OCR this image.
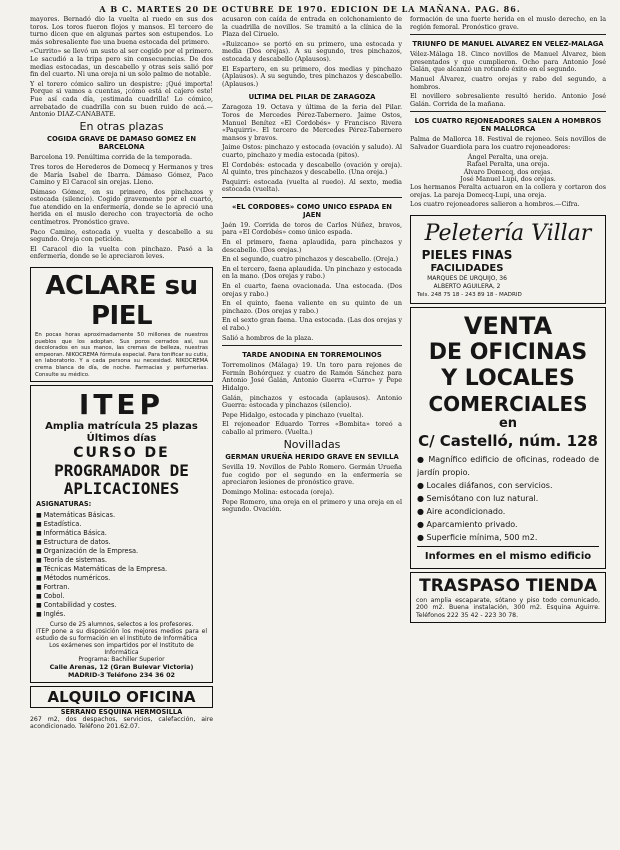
A B C. MARTES 20 DE OCTUBRE DE 1970. EDICION DE LA MAÑANA. PAG. 86.

mayores. Bernadó dio la vuelta al ruedo en sus dos toros. Los toros fueron flojos y mansos. El tercero de turno dicen que en algunas partes son estupendos. Lo más sobresaliente fue una buena estocada del primero.

«Currito» se llevó un susto al ser cogido por el primero. Le sacudió a la tripa pero sin consecuencias. De dos medias estocadas, un descabello y otras seis salió por fin del cuarto. Ni una oreja ni un solo palmo de notable.

Y el torero cómico saliro un despistre: ¡Qué importa! Porque si vamos a cuentas, ¡cómo está el cajero este! Fue así cada día, ¡estimada cuadrilla! Lo cómico, arrebatado de cuadrilla con su buen ruido de acá.—Antonio DIAZ-CANABATE.

En otras plazas
COGIDA GRAVE DE DAMASO GOMEZ EN BARCELONA

Barcelona 19. Penúltima corrida de la temporada.

Tres toros de Herederos de Domecq y Hermanos y tres de María Isabel de Ibarra. Dámaso Gómez, Paco Camino y El Caracol sin orejas. Lleno.

Dámaso Gómez, en su primero, dos pinchazos y estocada (silencio). Cogido gravemente por el cuarto, fue atendido en la enfermería, donde se le apreció una herida en el muslo derecho con trayectoria de ocho centímetros. Pronóstico grave.

Paco Camino, estocada y vuelta y descabello a su segundo. Oreja con petición.

El Caracol dio la vuelta con pinchazo. Pasó a la enfermería, donde se le apreciaron leves.

ACLARE su PIEL
En pocas horas aproximadamente 50 millones de nuestros pueblos que los adoptan. Sus poros cerrados así, sus decolorados en sus manos, las cremas de belleza, nuestras empeoran. NIKOCREMA fórmula especial. Para tonificar su cutis, en laboratorio. Y a cada persona su necesidad. NIKOCREMA crema blanca de día, de noche. Farmacias y perfumerías. Consulte su médico.
ITEP
Amplia matrícula 25 plazas Últimos días
CURSO DE
PROGRAMADOR DE APLICACIONES
ASIGNATURAS:
■ Matemáticas Básicas.
■ Estadística.
■ Informática Básica.
■ Estructura de datos.
■ Organización de la Empresa.
■ Teoría de sistemas.
■ Técnicas Matemáticas de la Empresa.
■ Métodos numéricos.
■ Fortran.
■ Cobol.
■ Contabilidad y costes.
■ Inglés.
Curso de 25 alumnos, selectos a los profesores.
ITEP pone a su disposición los mejores medios para el estudio de su formación en el Instituto de Informática
Los exámenes son impartidos por el Instituto de Informática
Programa: Bachiller Superior
Calle Arenas, 12 (Gran Bulevar Victoria)
MADRID-3 Teléfono 234 36 02
ALQUILO OFICINA
SERRANO ESQUINA HERMOSILLA
267 m2, dos despachos, servicios, calefacción, aire acondicionado. Teléfono 201.62.07.

acusaron con caída de entrada en colchonamiento de la cuadrilla de novillos. Se tramitó a la clínica de la Plaza del Ciruelo.

«Ruizcano» se portó en su primero, una estocada y media (Dos orejas). A su segundo, tres pinchazos, estocada y descabello (Aplausos).

El Espartero, en su primero, dos medias y pinchazo (Aplausos). A su segundo, tres pinchazos y descabello. (Aplausos.)

ULTIMA DEL PILAR DE ZARAGOZA

Zaragoza 19. Octava y última de la feria del Pilar. Toros de Mercedes Pérez-Tabernero. Jaime Ostos, Manuel Benítez «El Cordobés» y Francisco Rivera «Paquirri». El tercero de Mercedes Pérez-Tabernero mansos y bravos.

Jaime Ostos: pinchazo y estocada (ovación y saludo). Al cuarto, pinchazo y media estocada (pitos).

El Cordobés: estocada y descabello (ovación y oreja). Al quinto, tres pinchazos y descabello. (Una oreja.)

Paquirri: estocada (vuelta al ruedo). Al sexto, media estocada (vuelta).

«EL CORDOBES» COMO UNICO ESPADA EN JAEN

Jaén 19. Corrida de toros de Carlos Núñez, bravos, para «El Cordobés» como único espada.

En el primero, faena aplaudida, para pinchazos y descabello. (Dos orejas.)

En el segundo, cuatro pinchazos y descabello. (Oreja.)

En el tercero, faena aplaudida. Un pinchazo y estocada en la mano. (Dos orejas y rabo.)

En el cuarto, faena ovacionada. Una estocada. (Dos orejas y rabo.)

En el quinto, faena valiente en su quinto de un pinchazo. (Dos orejas y rabo.)

En el sexto gran faena. Una estocada. (Las dos orejas y el rabo.)

Salió a hombros de la plaza.

TARDE ANODINA EN TORREMOLINOS

Torremolinos (Málaga) 19. Un toro para rejones de Fermín Bohórquez y cuatro de Ramón Sánchez para Antonio José Galán, Antonio Guerra «Curro» y Pepe Hidalgo.

Galán, pinchazos y estocada (aplausos). Antonio Guerra: estocada y pinchazos (silencio).

Pepe Hidalgo, estocada y pinchazo (vuelta).

El rejoneador Eduardo Torres «Bombita» toreó a caballo al primero. (Vuelta.)

Novilladas
GERMAN URUEÑA HERIDO GRAVE EN SEVILLA

Sevilla 19. Novillos de Pablo Romero. Germán Urueña fue cogido por el segundo en la enfermería se apreciaron lesiones de pronóstico grave.

Domingo Molina: estocada (oreja).

Pepe Romero, una oreja en el primero y una oreja en el segundo. Ovación.

formación de una fuerte herida en el muslo derecho, en la región femoral. Pronóstico grave.

TRIUNFO DE MANUEL ALVAREZ EN VELEZ-MALAGA

Vélez-Málaga 18. Cinco novillos de Manuel Álvarez, bien presentados y que cumplieron. Ocho para Antonio José Galán, que alcanzó un rotundo éxito en el segundo.

Manuel Álvarez, cuatro orejas y rabo del segundo, a hombros.

El novillero sobresaliente resultó herido. Antonio José Galán. Corrida de la mañana.

LOS CUATRO REJONEADORES SALEN A HOMBROS EN MALLORCA

Palma de Mallorca 18. Festival de rejoneo. Seis novillos de Salvador Guardiola para los cuatro rejoneadores:

Ángel Peralta, una oreja.
Rafael Peralta, una oreja.
Álvaro Domecq, dos orejas.
José Manuel Lupi, dos orejas.

Los hermanos Peralta actuaron en la collera y cortaron dos orejas. La pareja Domecq-Lupi, una oreja.

Los cuatro rejoneadores salieron a hombros.—Cifra.

Peletería Villar
PIELES FINAS
FACILIDADES
MARQUES DE URQUIJO, 36
ALBERTO AGUILERA, 2
Tels. 248 75 18 - 243 89 18 - MADRID
VENTA
DE OFICINAS
Y LOCALES
COMERCIALES
en
C/ Castelló, núm. 128
● Magnífico edificio de oficinas, rodeado de jardín propio.
● Locales diáfanos, con servicios.
● Semisótano con luz natural.
● Aire acondicionado.
● Aparcamiento privado.
● Superficie mínima, 500 m2.
Informes en el mismo edificio
TRASPASO TIENDA
con amplia escaparate, sótano y piso todo comunicado, 200 m2. Buena instalación, 300 m2. Esquina Aguirre. Teléfonos 222 35 42 - 223 30 78.
